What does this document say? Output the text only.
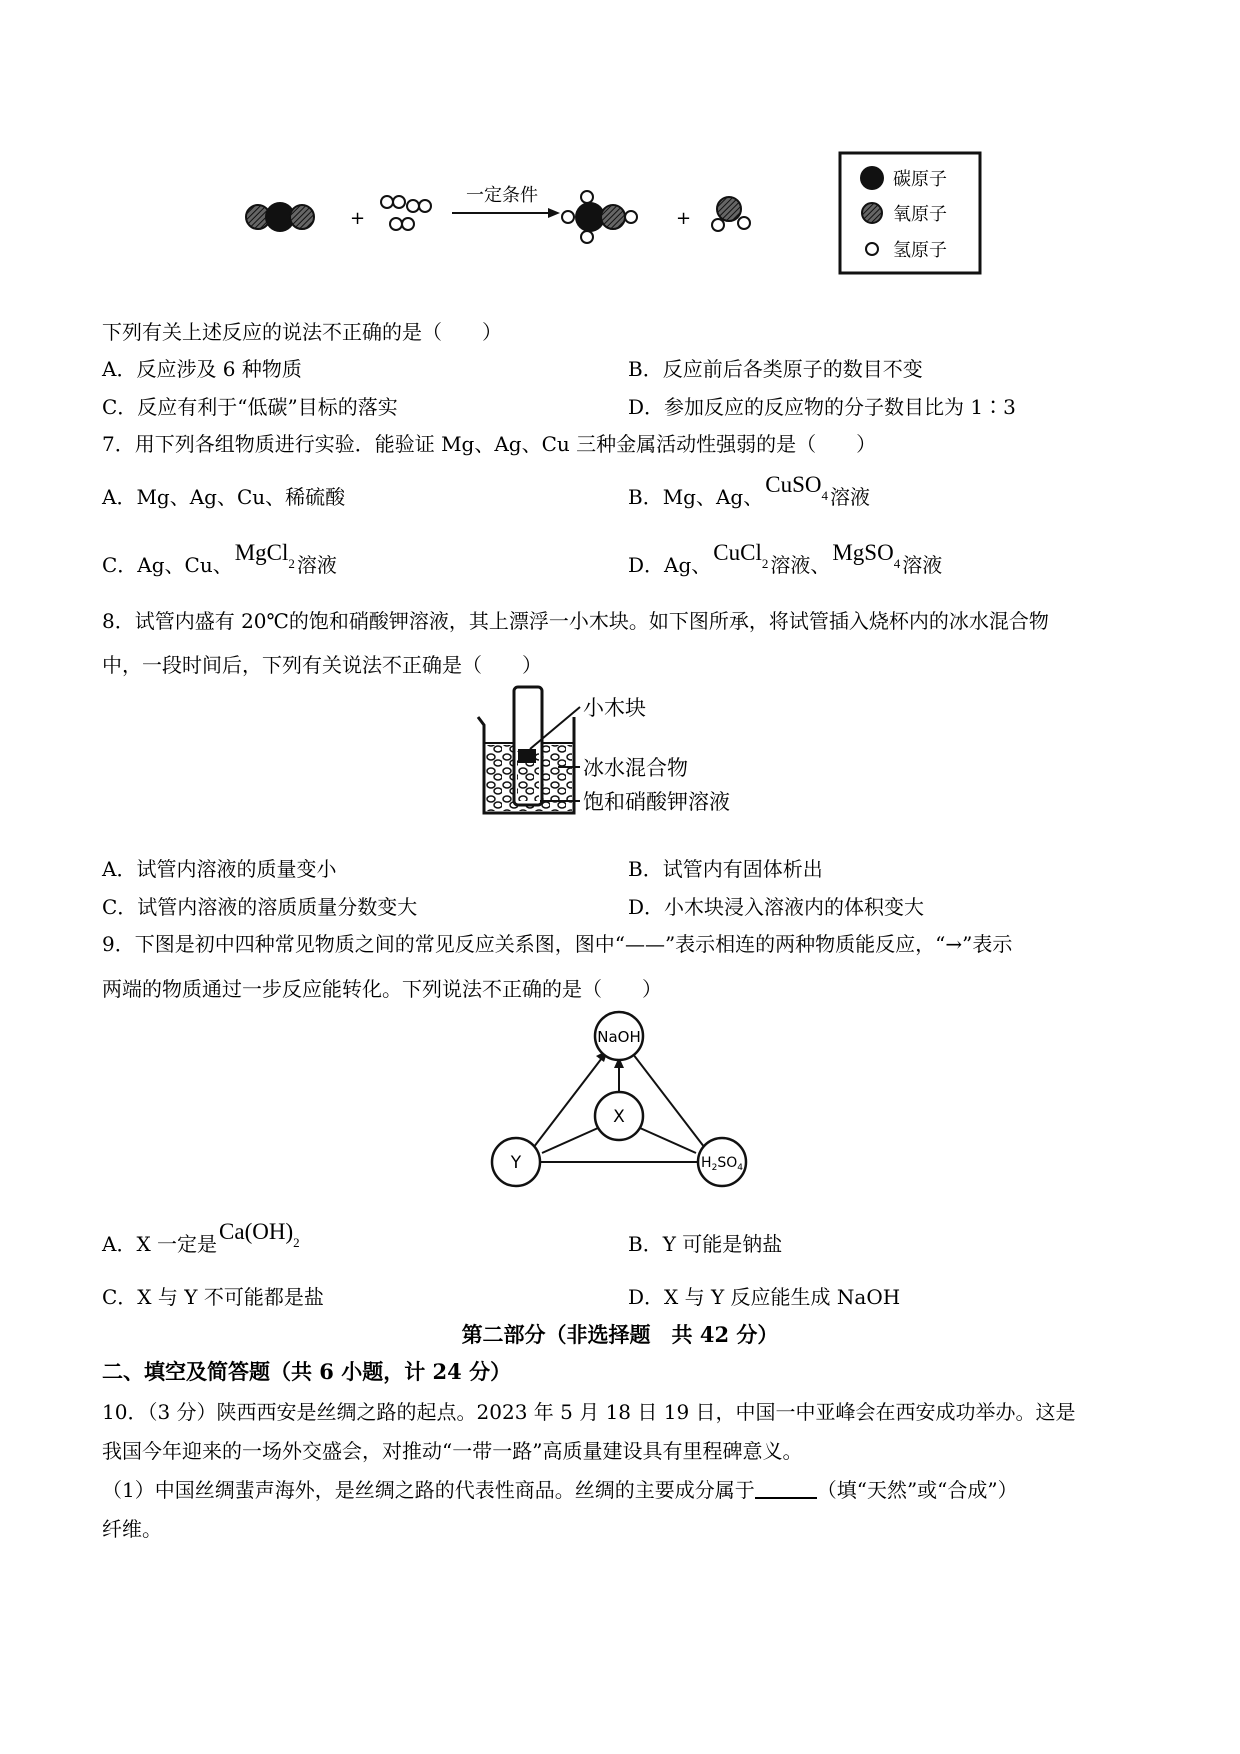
+
一定条件
+
碳原子
氧原子
氢原子
下列有关上述反应的说法不正确的是（　　）
A．反应涉及 6 种物质	B．反应前后各类原子的数目不变
C．反应有利于“低碳”目标的落实	D．参加反应的反应物的分子数目比为 1∶3
7．用下列各组物质进行实验．能验证 Mg、Ag、Cu 三种金属活动性强弱的是（　　）
A．Mg、Ag、Cu、稀硫酸	B．Mg、Ag、CuSO$_4$ 溶液
C．Ag、Cu、MgCl$_2$ 溶液	D．Ag、CuCl$_2$ 溶液、MgSO$_4$ 溶液
8．试管内盛有 20℃的饱和硝酸钾溶液，其上漂浮一小木块。如下图所承，将试管插入烧杯内的冰水混合物
中，一段时间后，下列有关说法不正确是（　　）
小木块
冰水混合物
饱和硝酸钾溶液
A．试管内溶液的质量变小	B．试管内有固体析出
C．试管内溶液的溶质质量分数变大	D．小木块浸入溶液内的体积变大
9．下图是初中四种常见物质之间的常见反应关系图，图中“——”表示相连的两种物质能反应，“→”表示
两端的物质通过一步反应能转化。下列说法不正确的是（　　）
NaOH
X
Y	$H_2SO_4$
A．X 一定是$Ca(OH)_2$	B．Y 可能是钠盐
C．X 与 Y 不可能都是盐	D．X 与 Y 反应能生成 NaOH
第二部分（非选择题　共 42 分）
二、填空及简答题（共 6 小题，计 24 分）
10．（3 分）陕西西安是丝绸之路的起点。2023 年 5 月 18 日 19 日，中国一中亚峰会在西安成功举办。这是
我国今年迎来的一场外交盛会，对推动“一带一路”高质量建设具有里程碑意义。
（1）中国丝绸蜚声海外，是丝绸之路的代表性商品。丝绸的主要成分属于	（填“天然”或“合成”）
纤维。
